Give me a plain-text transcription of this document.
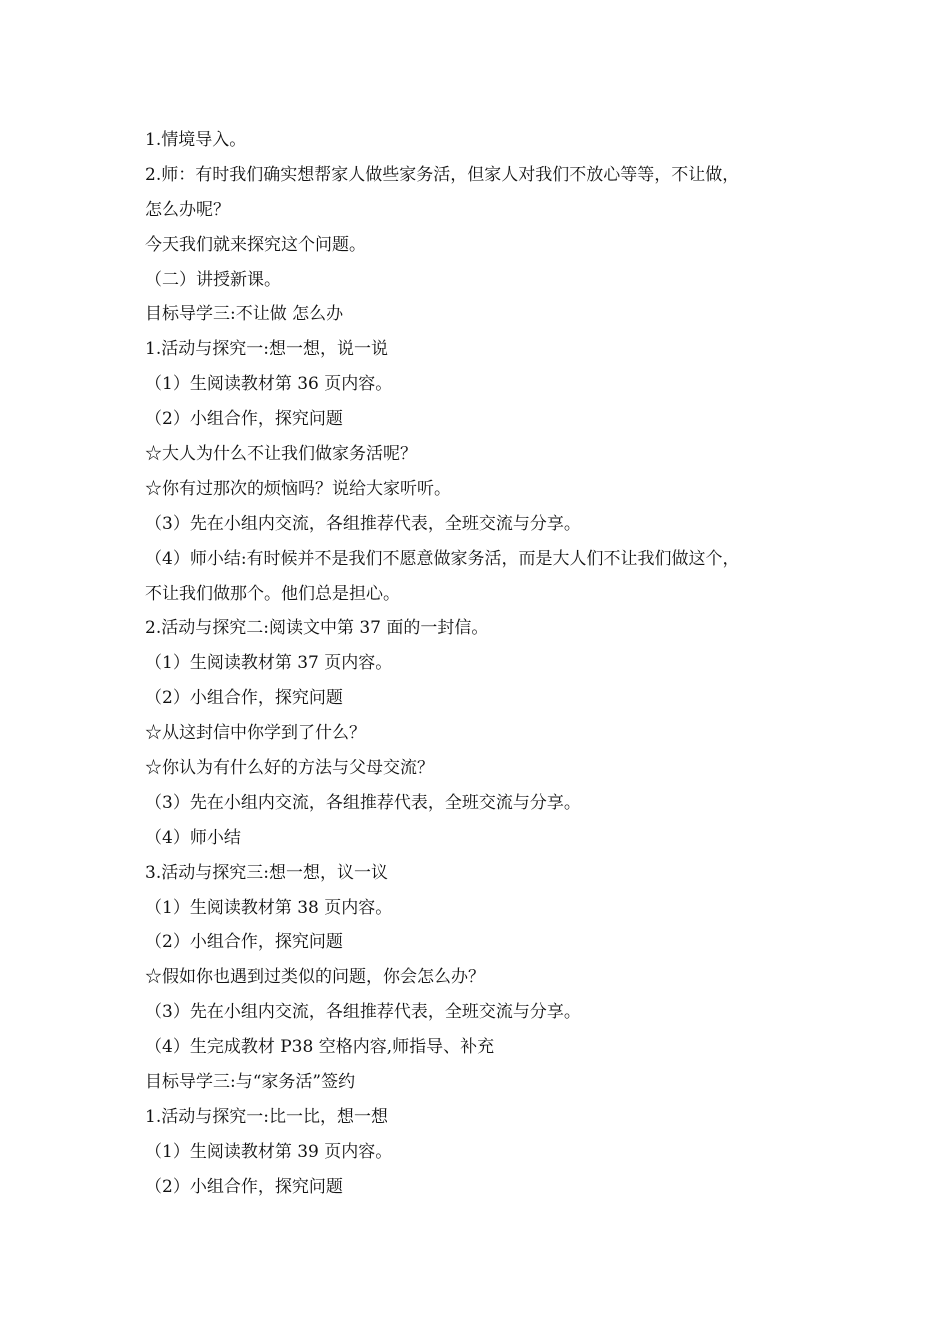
1.情境导入。
2.师：有时我们确实想帮家人做些家务活，但家人对我们不放心等等，不让做，
怎么办呢？
今天我们就来探究这个问题。
（二）讲授新课。
目标导学三:不让做 怎么办
1.活动与探究一:想一想，说一说
（1）生阅读教材第 36 页内容。
（2）小组合作，探究问题
☆大人为什么不让我们做家务活呢？
☆你有过那次的烦恼吗？说给大家听听。
（3）先在小组内交流，各组推荐代表，全班交流与分享。
（4）师小结:有时候并不是我们不愿意做家务活，而是大人们不让我们做这个，
不让我们做那个。他们总是担心。
2.活动与探究二:阅读文中第 37 面的一封信。
（1）生阅读教材第 37 页内容。
（2）小组合作，探究问题
☆从这封信中你学到了什么？
☆你认为有什么好的方法与父母交流？
（3）先在小组内交流，各组推荐代表，全班交流与分享。
（4）师小结
3.活动与探究三:想一想，议一议
（1）生阅读教材第 38 页内容。
（2）小组合作，探究问题
☆假如你也遇到过类似的问题，你会怎么办？
（3）先在小组内交流，各组推荐代表，全班交流与分享。
（4）生完成教材 P38 空格内容,师指导、补充
目标导学三:与“家务活”签约
1.活动与探究一:比一比，想一想
（1）生阅读教材第 39 页内容。
（2）小组合作，探究问题
